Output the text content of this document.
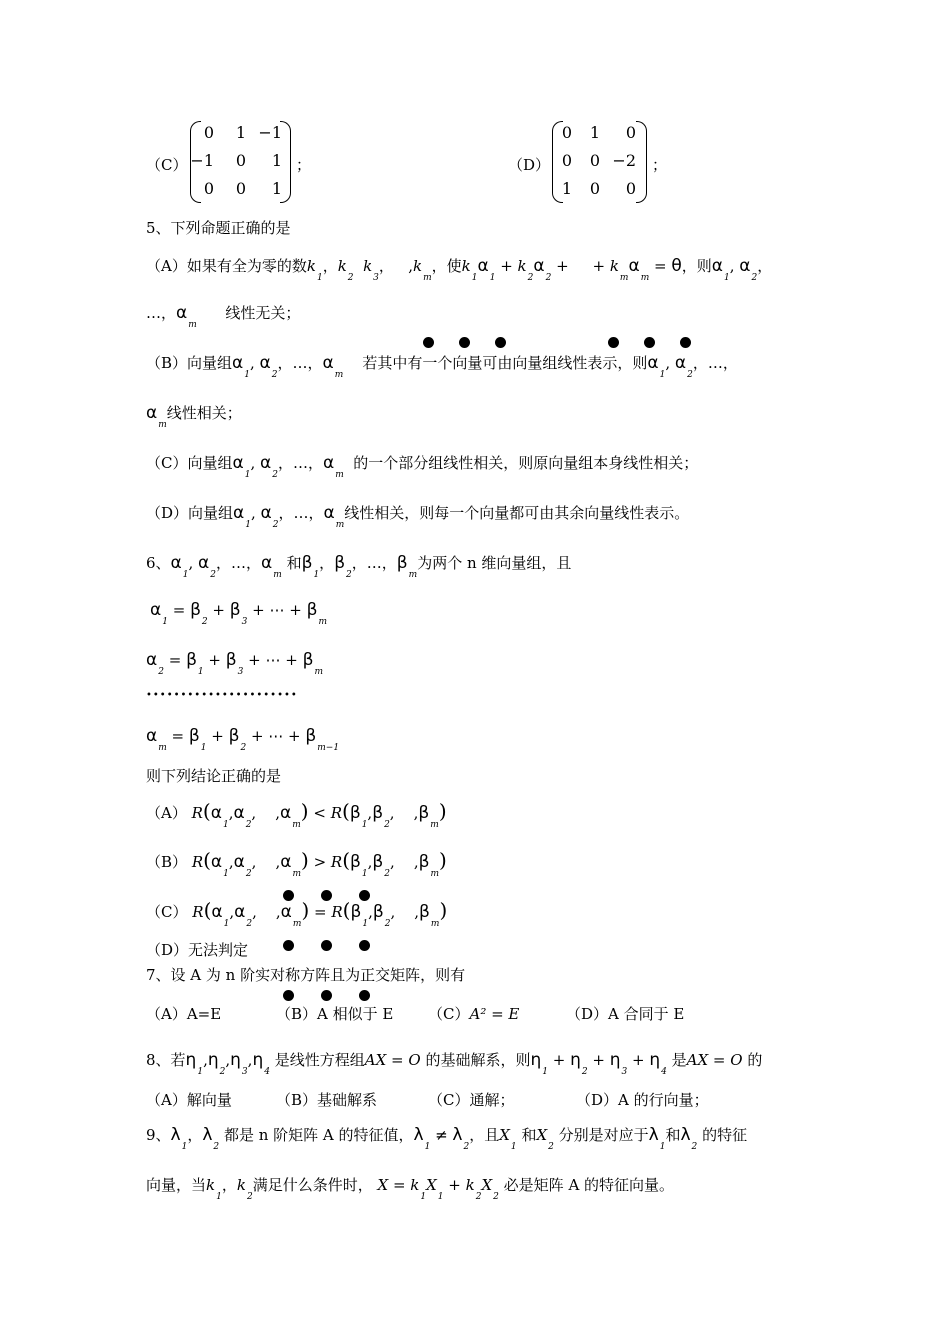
（C）
0	1 −1
−1	0	1
0	0	1
；	（D）
0	1	0
0	0 −2
1	0	0
；
5、下列命题正确的是
（A）如果有全为零的数$k_1$，$k_2$  $k_3$，   $,k_m$，使$k_1\alpha_1 + k_2\alpha_2$ +     + $k_m\alpha_m = \theta$，则$\alpha_1$, $\alpha_2$，
…，$\alpha_m$      线性无关；
（B）向量组$\alpha_1$, $\alpha_2$，…，$\alpha_m$    若其中有一个向量可由向量组线性表示，则$\alpha_1$, $\alpha_2$，…，
$\alpha_m$线性相关；
（C）向量组$\alpha_1$, $\alpha_2$，…，$\alpha_m$  的一个部分组线性相关，则原向量组本身线性相关；
（D）向量组$\alpha_1$, $\alpha_2$，…，$\alpha_m$线性相关，则每一个向量都可由其余向量线性表示。
6、$\alpha_1$, $\alpha_2$，…，$\alpha_m$ 和$\beta_1$，$\beta_2$，…，$\beta_m$为两个 n 维向量组，且
$\alpha_1 = \beta_2 + \beta_3$ + ⋯ + $\beta_m$
$\alpha_2 = \beta_1 + \beta_3$ + ⋯ + $\beta_m$
••••••••••••••••••••••
$\alpha_m = \beta_1 + \beta_2$ + ⋯ + $\beta_{m-1}$
则下列结论正确的是
（A） $R(\alpha_1,\alpha_2$,    $,\alpha_m) < R(\beta_1,\beta_2$,    $,\beta_m$)
（B） $R(\alpha_1,\alpha_2$,    $,\alpha_m) > R(\beta_1,\beta_2$,    $,\beta_m$)
（C） $R(\alpha_1,\alpha_2$,    $,\alpha_m) = R(\beta_1,\beta_2$,    $,\beta_m$)
（D）无法判定
7、设 A 为 n 阶实对称方阵且为正交矩阵，则有
（A）A=E	（B）A 相似于 E （C）A² = E	（D）A 合同于 E
8、若$\eta_1,\eta_2,\eta_3,\eta_4$ 是线性方程组AX = O 的基础解系，则$\eta_1 + \eta_2 + \eta_3 + \eta_4$ 是AX = O 的
（A）解向量	（B）基础解系	（C）通解；	（D）A 的行向量；
9、$\lambda_1$，$\lambda_2$ 都是 n 阶矩阵 A 的特征值，$\lambda_1 \ne \lambda_2$，且$X_1$ 和$X_2$ 分别是对应于$\lambda_1$和$\lambda_2$ 的特征
向量，当$k_1$，$k_2$满足什么条件时， $X = k_1X_1 + k_2X_2$ 必是矩阵 A 的特征向量。
